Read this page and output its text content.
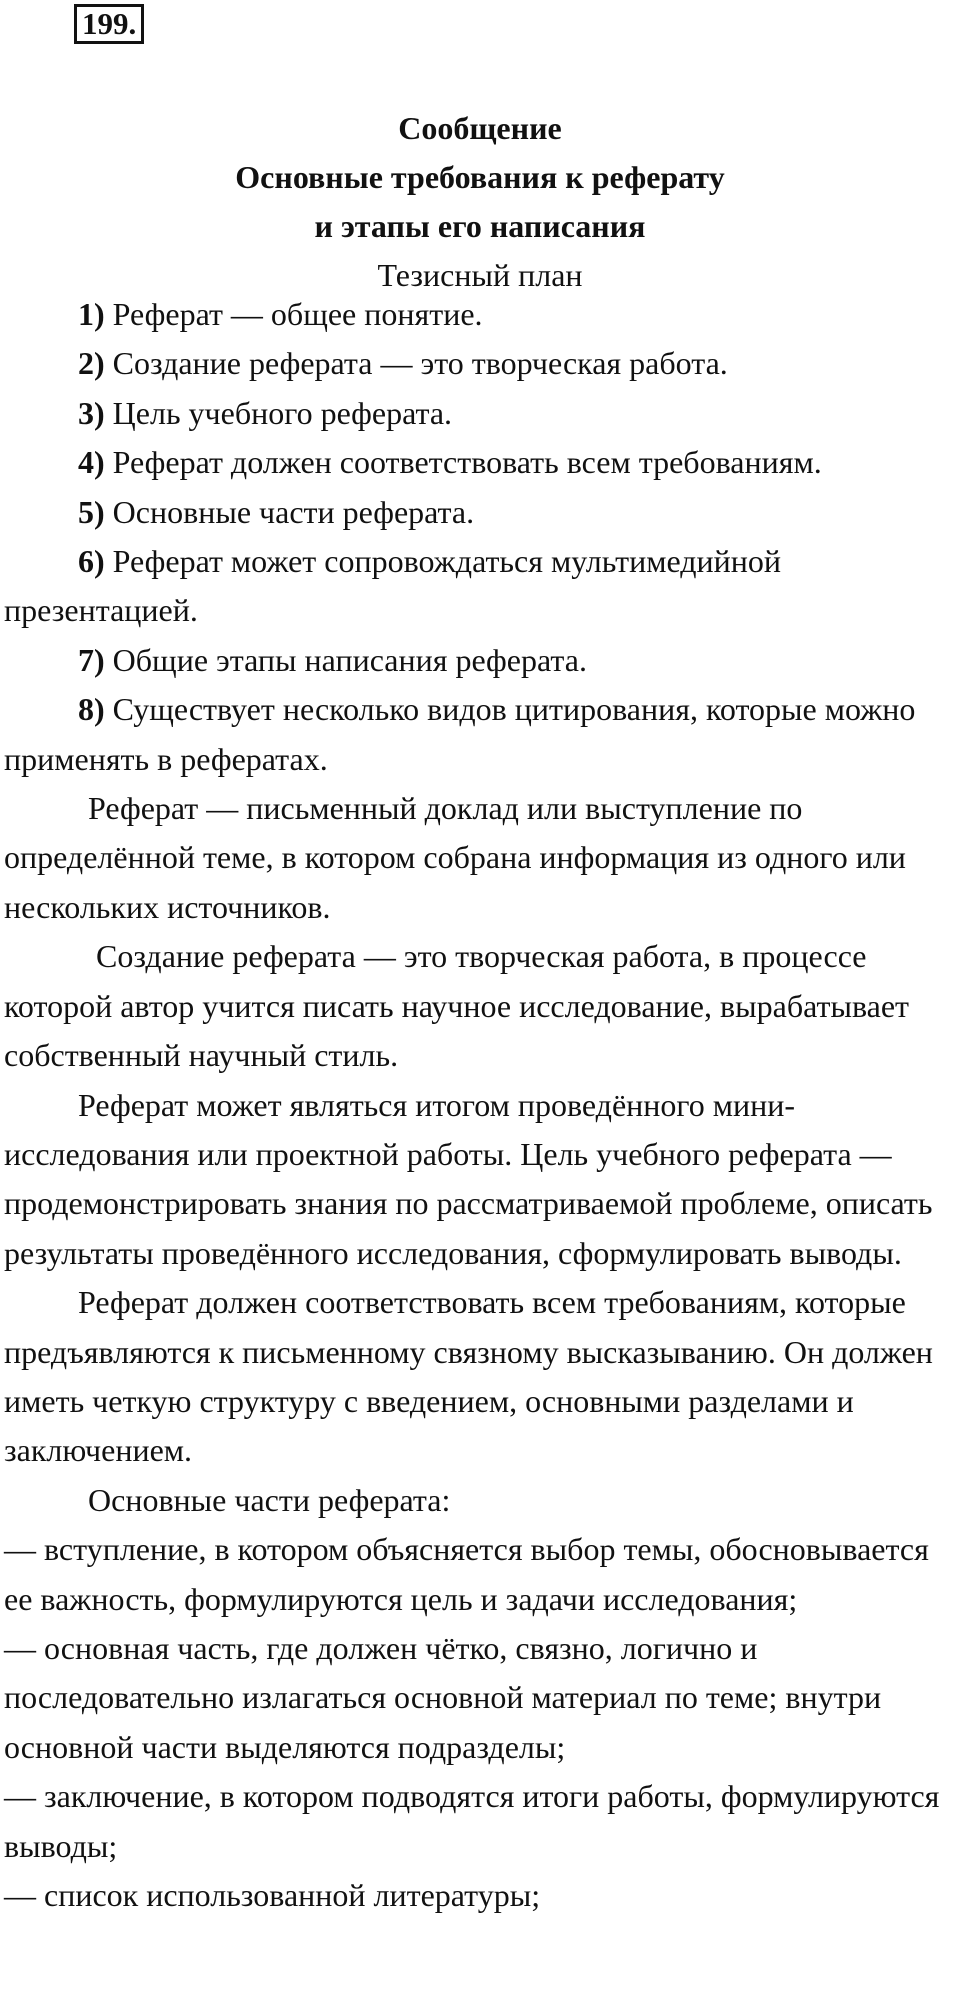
199.
Сообщение
Основные требования к реферату
и этапы его написания
Тезисный план

1) Реферат — общее понятие.

2) Создание реферата — это творческая работа.

3) Цель учебного реферата.

4) Реферат должен соответствовать всем требованиям.

5) Основные части реферата.

6) Реферат может сопровождаться мультимедийной презентацией.

7) Общие этапы написания реферата.

8) Существует несколько видов цитирования, которые можно применять в рефератах.

Реферат — письменный доклад или выступление по определённой теме, в котором собрана информация из одного или нескольких источников.

Создание реферата — это творческая работа, в процессе которой автор учится писать научное исследование, вырабатывает собственный научный стиль.

Реферат может являться итогом проведённого мини-исследования или проектной работы. Цель учебного реферата — продемонстрировать знания по рассматриваемой проблеме, описать результаты проведённого исследования, сформулировать выводы.

Реферат должен соответствовать всем требованиям, которые предъявляются к письменному связному высказыванию. Он должен иметь четкую структуру с введением, основными разделами и заключением.

Основные части реферата:

— вступление, в котором объясняется выбор темы, обосновывается ее важность, формулируются цель и задачи исследования;

— основная часть, где должен чётко, связно, логично и последовательно излагаться основной материал по теме; внутри основной части выделяются подразделы;

— заключение, в котором подводятся итоги работы, формулируются выводы;

— список использованной литературы;
